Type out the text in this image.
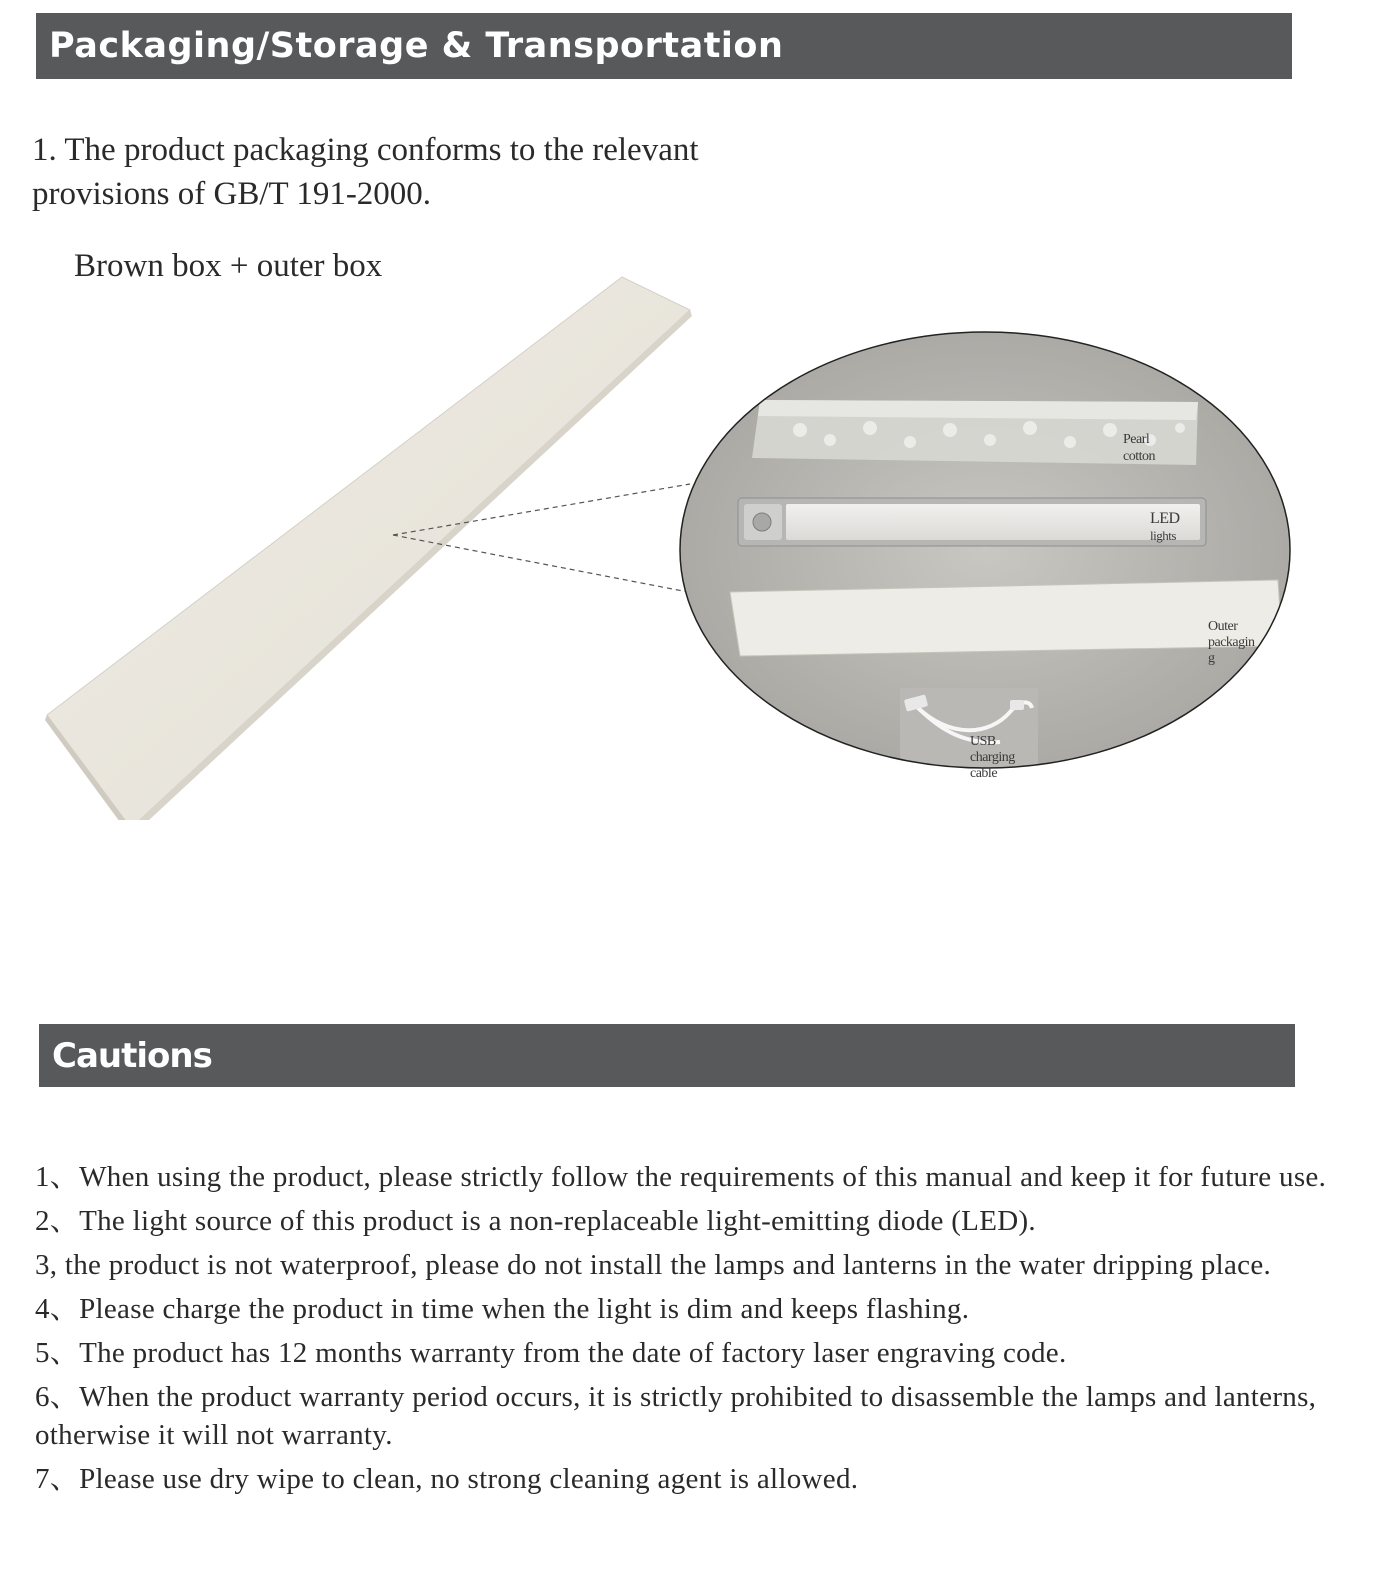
Packaging/Storage & Transportation
1. The product packaging conforms to the relevant
provisions of GB/T 191-2000.
Brown box + outer box
Pearl cotton
LED lights
Outer packagin g
USB charging cable
Cautions
1、When using the product, please strictly follow the requirements of this manual and keep it for future use.
2、The light source of this product is a non-replaceable light-emitting diode (LED).
3, the product is not waterproof, please do not install the lamps and lanterns in the water dripping place.
4、Please charge the product in time when the light is dim and keeps flashing.
5、The product has 12 months warranty from the date of factory laser engraving code.
6、When the product warranty period occurs, it is strictly prohibited to disassemble the lamps and lanterns, otherwise it will not warranty.
7、Please use dry wipe to clean, no strong cleaning agent is allowed.
